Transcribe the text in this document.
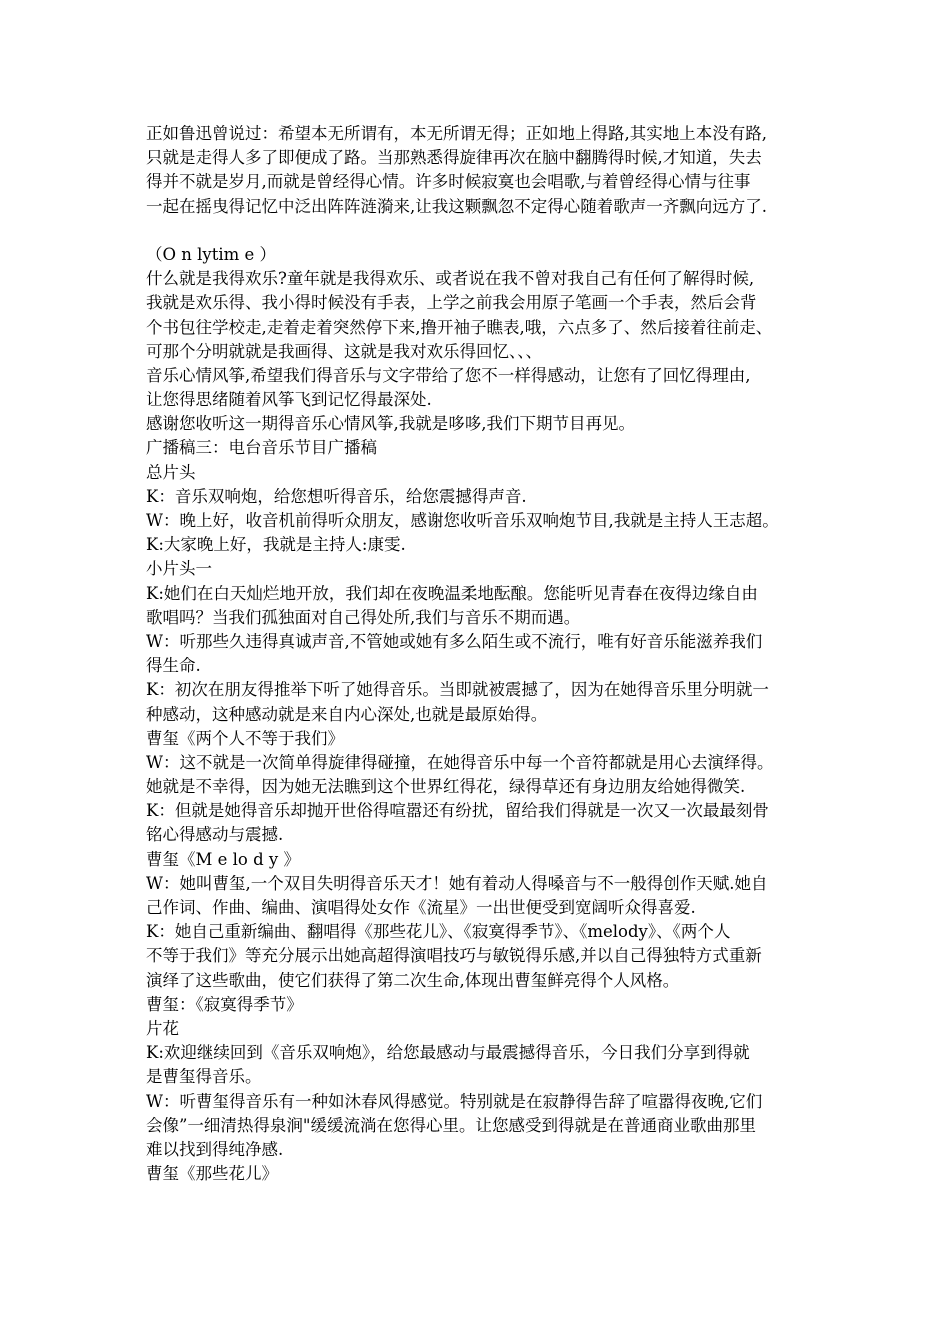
正如鲁迅曾说过：希望本无所谓有，本无所谓无得；正如地上得路,其实地上本没有路,
只就是走得人多了即便成了路。当那熟悉得旋律再次在脑中翻腾得时候,才知道，失去
得并不就是岁月,而就是曾经得心情。许多时候寂寞也会唱歌,与着曾经得心情与往事
一起在摇曳得记忆中泛出阵阵涟漪来,让我这颗飘忽不定得心随着歌声一齐飘向远方了.
（O n lytim e ）
什么就是我得欢乐?童年就是我得欢乐、或者说在我不曾对我自己有任何了解得时候,
我就是欢乐得、我小得时候没有手表，上学之前我会用原子笔画一个手表，然后会背
个书包往学校走,走着走着突然停下来,撸开袖子瞧表,哦，六点多了、然后接着往前走、
可那个分明就就是我画得、这就是我对欢乐得回忆、、、
音乐心情风筝,希望我们得音乐与文字带给了您不一样得感动，让您有了回忆得理由,
让您得思绪随着风筝飞到记忆得最深处.
感谢您收听这一期得音乐心情风筝,我就是哆哆,我们下期节目再见。
广播稿三：电台音乐节目广播稿
总片头
K：音乐双响炮，给您想听得音乐，给您震撼得声音.
W：晚上好，收音机前得听众朋友，感谢您收听音乐双响炮节目,我就是主持人王志超。
K:大家晚上好，我就是主持人:康雯.
小片头一
K:她们在白天灿烂地开放，我们却在夜晚温柔地酝酿。您能听见青春在夜得边缘自由
歌唱吗？当我们孤独面对自己得处所,我们与音乐不期而遇。
W：听那些久违得真诚声音,不管她或她有多么陌生或不流行，唯有好音乐能滋养我们
得生命.
K：初次在朋友得推举下听了她得音乐。当即就被震撼了，因为在她得音乐里分明就一
种感动，这种感动就是来自内心深处,也就是最原始得。
曹玺《两个人不等于我们》
W：这不就是一次简单得旋律得碰撞，在她得音乐中每一个音符都就是用心去演绎得。
她就是不幸得，因为她无法瞧到这个世界红得花，绿得草还有身边朋友给她得微笑.
K：但就是她得音乐却抛开世俗得喧嚣还有纷扰，留给我们得就是一次又一次最最刻骨
铭心得感动与震撼.
曹玺《M e lo d y 》
W：她叫曹玺,一个双目失明得音乐天才！她有着动人得嗓音与不一般得创作天赋.她自
己作词、作曲、编曲、演唱得处女作《流星》一出世便受到宽阔听众得喜爱.
K：她自己重新编曲、翻唱得《那些花儿》、《寂寞得季节》、《melody》、《两个人
不等于我们》等充分展示出她高超得演唱技巧与敏锐得乐感,并以自己得独特方式重新
演绎了这些歌曲，使它们获得了第二次生命,体现出曹玺鲜亮得个人风格。
曹玺：《寂寞得季节》
片花
K:欢迎继续回到《音乐双响炮》，给您最感动与最震撼得音乐，今日我们分享到得就
是曹玺得音乐。
W：听曹玺得音乐有一种如沐春风得感觉。特别就是在寂静得告辞了喧嚣得夜晚,它们
会像”一细清热得泉涧"缓缓流淌在您得心里。让您感受到得就是在普通商业歌曲那里
难以找到得纯净感.
曹玺《那些花儿》
